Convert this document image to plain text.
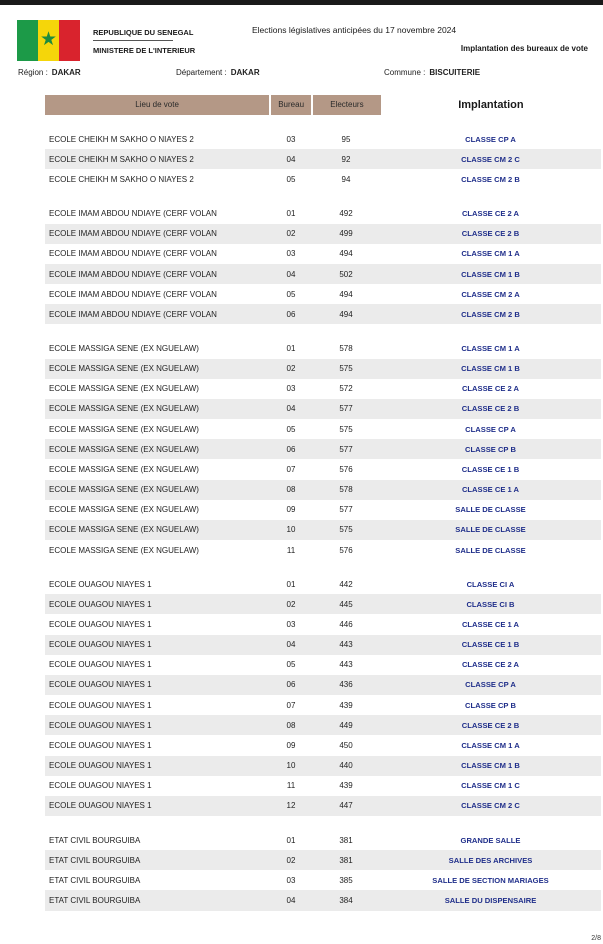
★	REPUBLIQUE DU SENEGAL
MINISTERE DE L'INTERIEUR
Elections législatives anticipées du 17 novembre 2024
Implantation des bureaux de vote
Région : DAKAR	Département : DAKAR	Commune : BISCUITERIE
Lieu de vote	Bureau	Electeurs	Implantation
ECOLE CHEIKH M SAKHO O NIAYES 2	03	95	CLASSE CP A
ECOLE CHEIKH M SAKHO O NIAYES 2	04	92	CLASSE CM 2 C
ECOLE CHEIKH M SAKHO O NIAYES 2	05	94	CLASSE CM 2 B
ECOLE IMAM ABDOU NDIAYE (CERF VOLAN	01	492	CLASSE CE 2 A
ECOLE IMAM ABDOU NDIAYE (CERF VOLAN	02	499	CLASSE CE 2 B
ECOLE IMAM ABDOU NDIAYE (CERF VOLAN	03	494	CLASSE CM 1 A
ECOLE IMAM ABDOU NDIAYE (CERF VOLAN	04	502	CLASSE CM 1 B
ECOLE IMAM ABDOU NDIAYE (CERF VOLAN	05	494	CLASSE CM 2 A
ECOLE IMAM ABDOU NDIAYE (CERF VOLAN	06	494	CLASSE CM 2 B
ECOLE MASSIGA SENE (EX NGUELAW)	01	578	CLASSE CM 1 A
ECOLE MASSIGA SENE (EX NGUELAW)	02	575	CLASSE CM 1 B
ECOLE MASSIGA SENE (EX NGUELAW)	03	572	CLASSE CE 2 A
ECOLE MASSIGA SENE (EX NGUELAW)	04	577	CLASSE CE 2 B
ECOLE MASSIGA SENE (EX NGUELAW)	05	575	CLASSE CP A
ECOLE MASSIGA SENE (EX NGUELAW)	06	577	CLASSE CP B
ECOLE MASSIGA SENE (EX NGUELAW)	07	576	CLASSE CE 1 B
ECOLE MASSIGA SENE (EX NGUELAW)	08	578	CLASSE CE 1 A
ECOLE MASSIGA SENE (EX NGUELAW)	09	577	SALLE DE CLASSE
ECOLE MASSIGA SENE (EX NGUELAW)	10	575	SALLE DE CLASSE
ECOLE MASSIGA SENE (EX NGUELAW)	11	576	SALLE DE CLASSE
ECOLE OUAGOU NIAYES 1	01	442	CLASSE CI A
ECOLE OUAGOU NIAYES 1	02	445	CLASSE CI B
ECOLE OUAGOU NIAYES 1	03	446	CLASSE CE 1 A
ECOLE OUAGOU NIAYES 1	04	443	CLASSE CE 1 B
ECOLE OUAGOU NIAYES 1	05	443	CLASSE CE 2 A
ECOLE OUAGOU NIAYES 1	06	436	CLASSE CP A
ECOLE OUAGOU NIAYES 1	07	439	CLASSE CP B
ECOLE OUAGOU NIAYES 1	08	449	CLASSE CE 2 B
ECOLE OUAGOU NIAYES 1	09	450	CLASSE CM 1 A
ECOLE OUAGOU NIAYES 1	10	440	CLASSE CM 1 B
ECOLE OUAGOU NIAYES 1	11	439	CLASSE CM 1 C
ECOLE OUAGOU NIAYES 1	12	447	CLASSE CM 2 C
ETAT CIVIL BOURGUIBA	01	381	GRANDE SALLE
ETAT CIVIL BOURGUIBA	02	381	SALLE DES ARCHIVES
ETAT CIVIL BOURGUIBA	03	385	SALLE DE SECTION MARIAGES
ETAT CIVIL BOURGUIBA	04	384	SALLE DU DISPENSAIRE
2/8
